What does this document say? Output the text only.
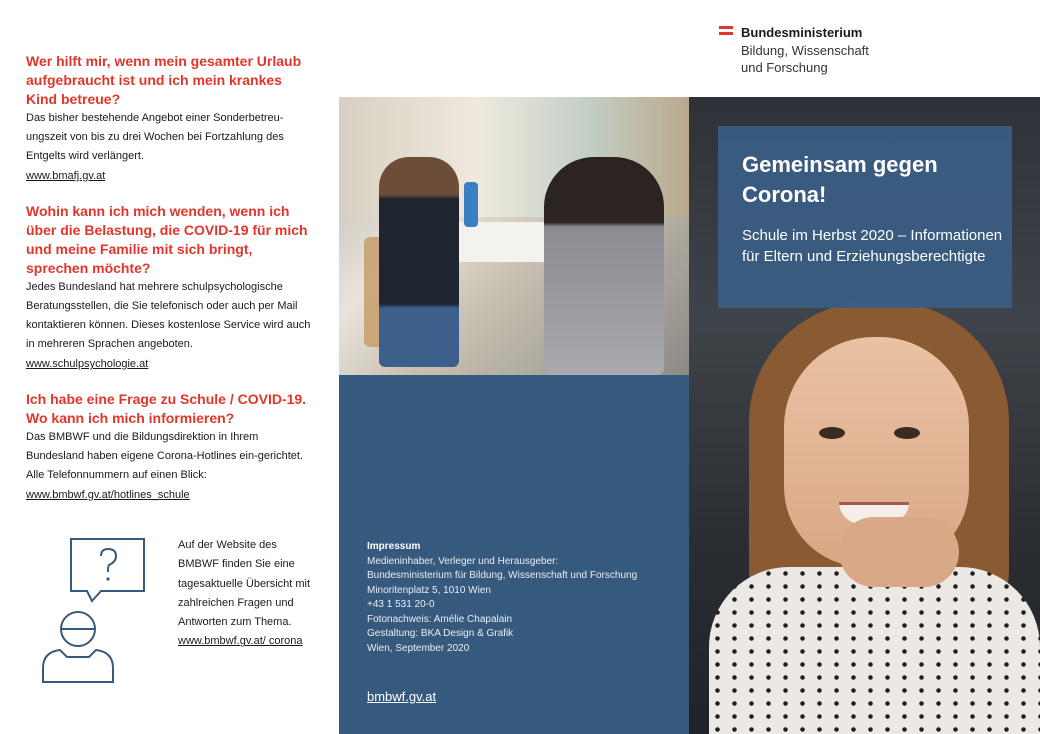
Wer hilft mir, wenn mein gesamter Urlaub aufgebraucht ist und ich mein krankes Kind betreue?
Das bisher bestehende Angebot einer Sonderbetreu-ungszeit von bis zu drei Wochen bei Fortzahlung des Entgelts wird verlängert.
www.bmafj.gv.at
Wohin kann ich mich wenden, wenn ich über die Belastung, die COVID-19 für mich und meine Familie mit sich bringt, sprechen möchte?
Jedes Bundesland hat mehrere schulpsychologische Beratungsstellen, die Sie telefonisch oder auch per Mail kontaktieren können. Dieses kostenlose Service wird auch in mehreren Sprachen angeboten.
www.schulpsychologie.at
Ich habe eine Frage zu Schule / COVID-19. Wo kann ich mich informieren?
Das BMBWF und die Bildungsdirektion in Ihrem Bundesland haben eigene Corona-Hotlines ein-gerichtet. Alle Telefonnummern auf einen Blick:
www.bmbwf.gv.at/hotlines_schule
Auf der Website des BMBWF finden Sie eine tagesaktuelle Übersicht mit zahlreichen Fragen und Antworten zum Thema.
www.bmbwf.gv.at/ corona
Bundesministerium
Bildung, Wissenschaft
und Forschung
Impressum
Medieninhaber, Verleger und Herausgeber:
Bundesministerium für Bildung, Wissenschaft und Forschung
Minoritenplatz 5, 1010 Wien
+43 1 531 20-0
Fotonachweis: Amélie Chapalain
Gestaltung: BKA Design & Grafik
Wien, September 2020
bmbwf.gv.at
Gemeinsam gegen Corona!
Schule im Herbst 2020 – Informationen für Eltern und Erziehungsberechtigte
